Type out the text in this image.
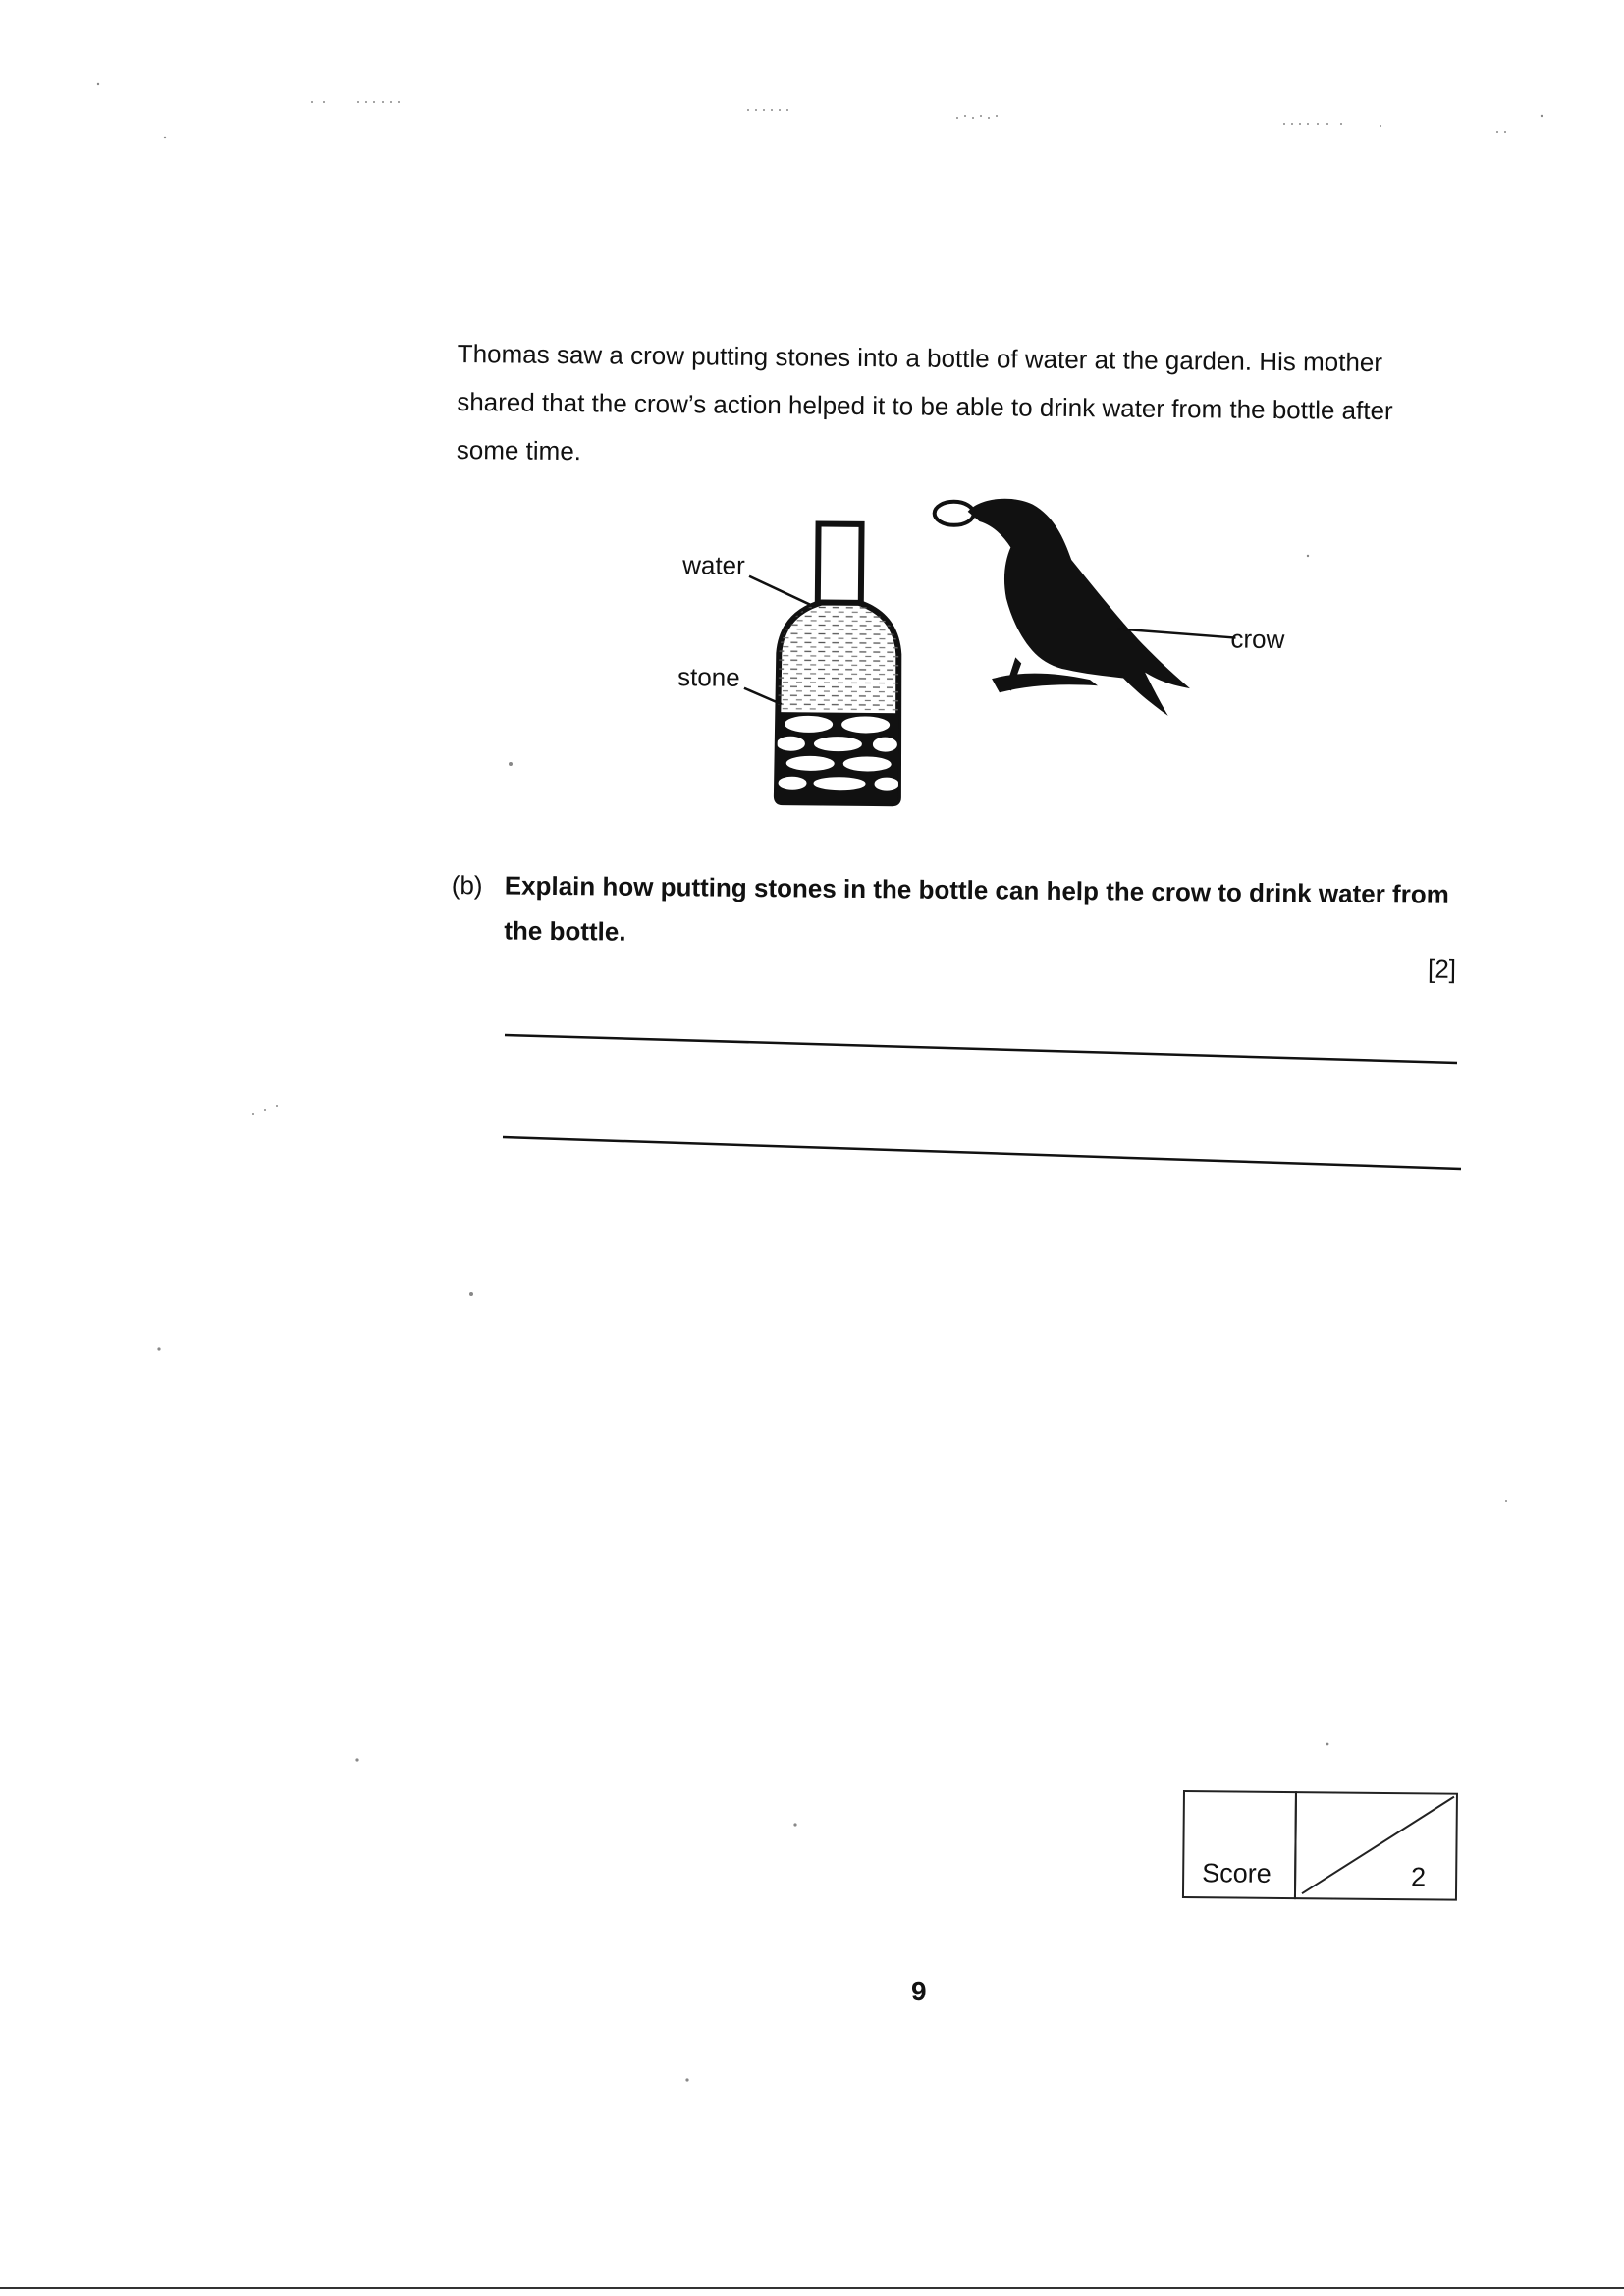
Thomas saw a crow putting stones into a bottle of water at the garden. His mother

shared that the crow’s action helped it to be able to drink water from the bottle after

some time.

water
stone
crow
(b) Explain how putting stones in the bottle can help the crow to drink water from
the bottle.
[2]
Score	2
9
